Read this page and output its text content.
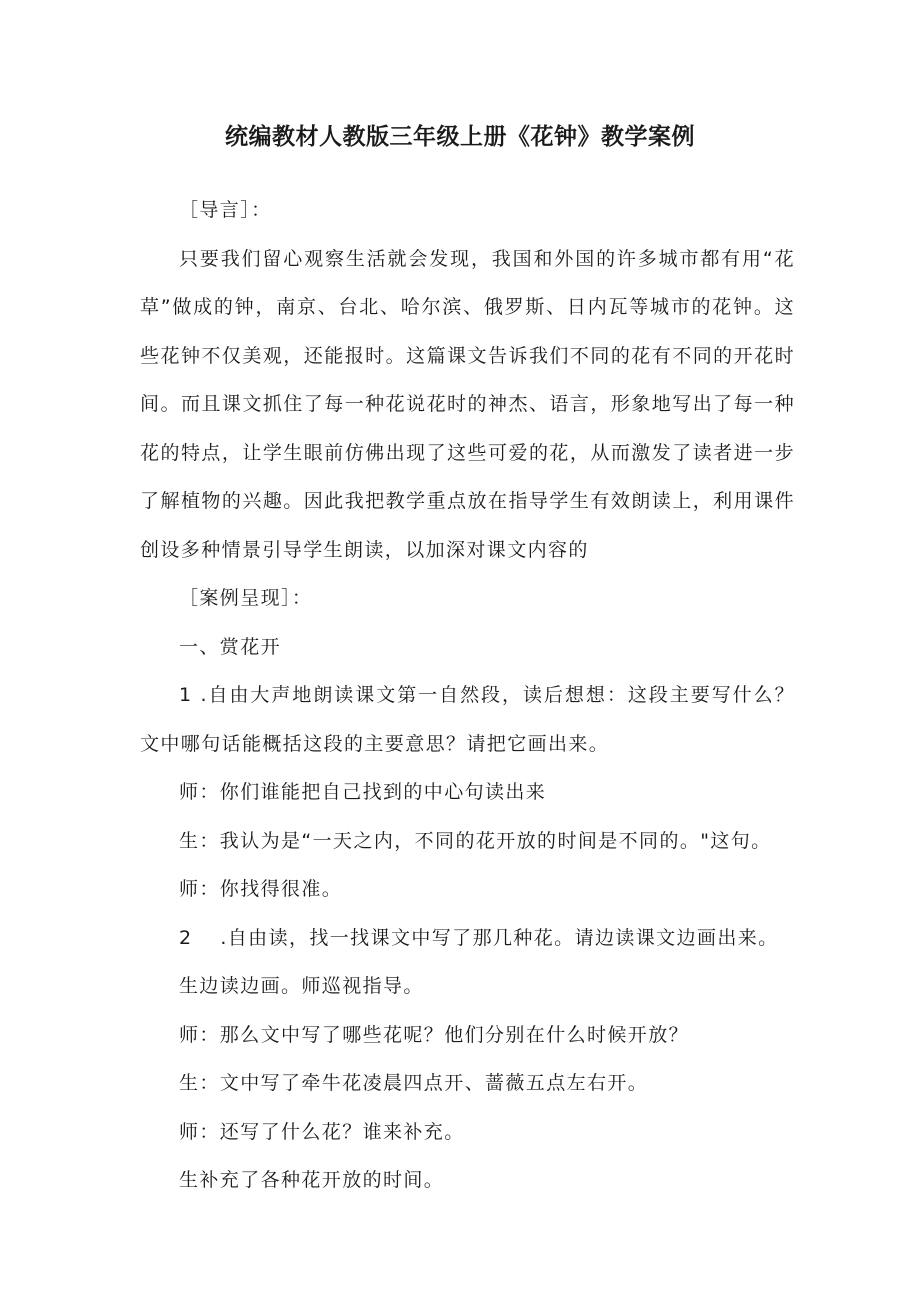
统编教材人教版三年级上册《花钟》教学案例

［导言］：

只要我们留心观察生活就会发现，我国和外国的许多城市都有用“花草”做成的钟，南京、台北、哈尔滨、俄罗斯、日内瓦等城市的花钟。这些花钟不仅美观，还能报时。这篇课文告诉我们不同的花有不同的开花时间。而且课文抓住了每一种花说花时的神杰、语言，形象地写出了每一种花的特点，让学生眼前仿佛出现了这些可爱的花，从而激发了读者进一步了解植物的兴趣。因此我把教学重点放在指导学生有效朗读上，利用课件创设多种情景引导学生朗读，以加深对课文内容的

［案例呈现］：

一、赏花开

1 .自由大声地朗读课文第一自然段，读后想想：这段主要写什么？文中哪句话能概括这段的主要意思？请把它画出来。

师：你们谁能把自己找到的中心句读出来

生：我认为是“一天之内，不同的花开放的时间是不同的。"这句。

师：你找得很准。

2　 .自由读，找一找课文中写了那几种花。请边读课文边画出来。

生边读边画。师巡视指导。

师：那么文中写了哪些花呢？他们分别在什么时候开放？

生：文中写了牵牛花凌晨四点开、蔷薇五点左右开。

师：还写了什么花？谁来补充。

生补充了各种花开放的时间。
